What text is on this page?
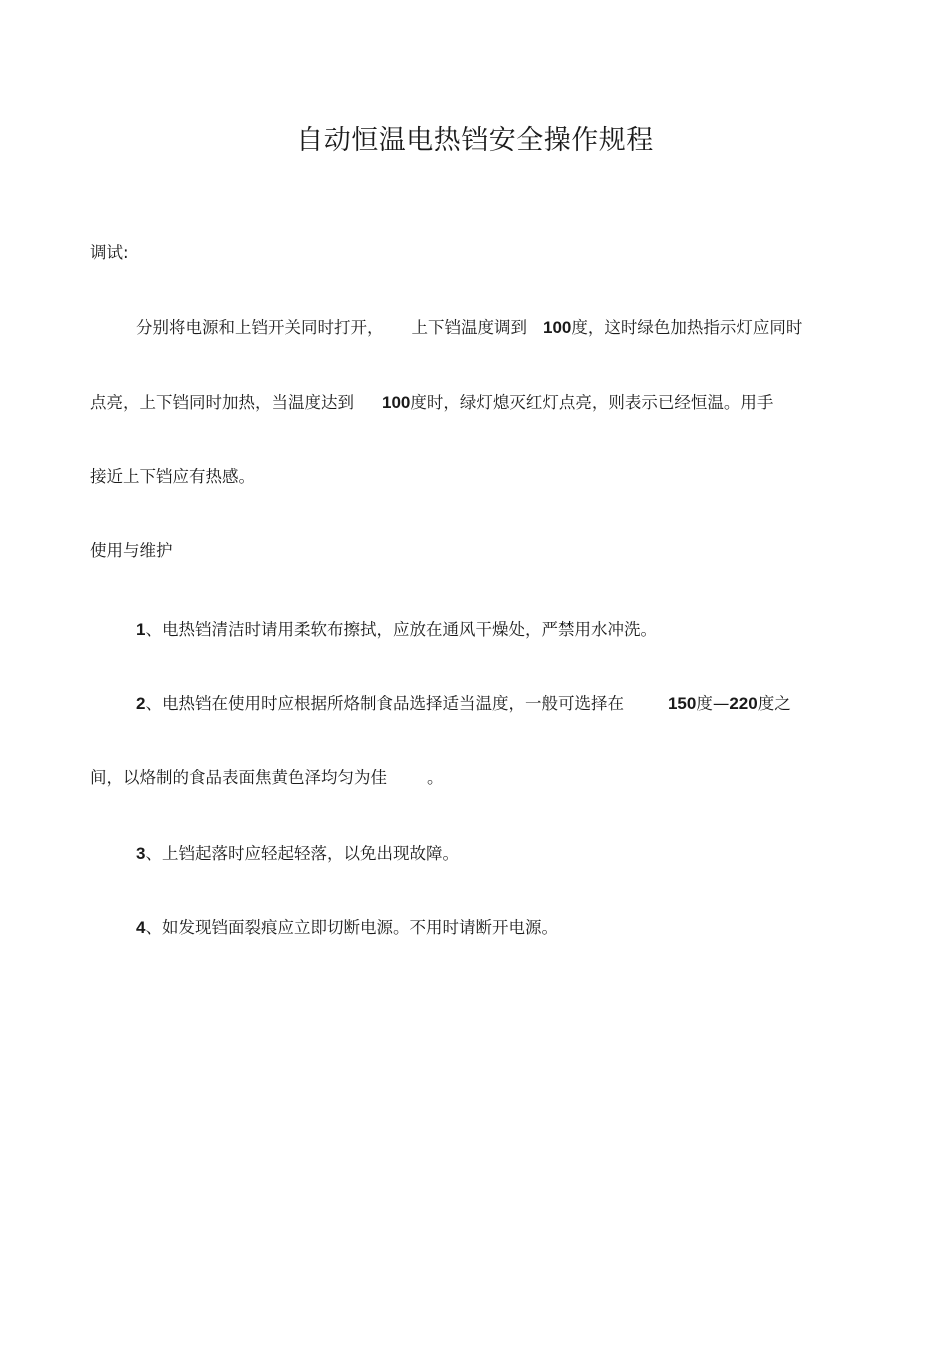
自动恒温电热铛安全操作规程
调试:
分别将电源和上铛开关同时打开， 上下铛温度调到 100度，这时绿色加热指示灯应同时
点亮，上下铛同时加热，当温度达到 100度时，绿灯熄灭红灯点亮，则表示已经恒温。用手
接近上下铛应有热感。
使用与维护
1、电热铛清洁时请用柔软布擦拭，应放在通风干燥处，严禁用水冲洗。
2、电热铛在使用时应根据所烙制食品选择适当温度，一般可选择在	150度—220度之
间，以烙制的食品表面焦黄色泽均匀为佳 。
3、上铛起落时应轻起轻落，以免出现故障。
4、如发现铛面裂痕应立即切断电源。不用时请断开电源。
